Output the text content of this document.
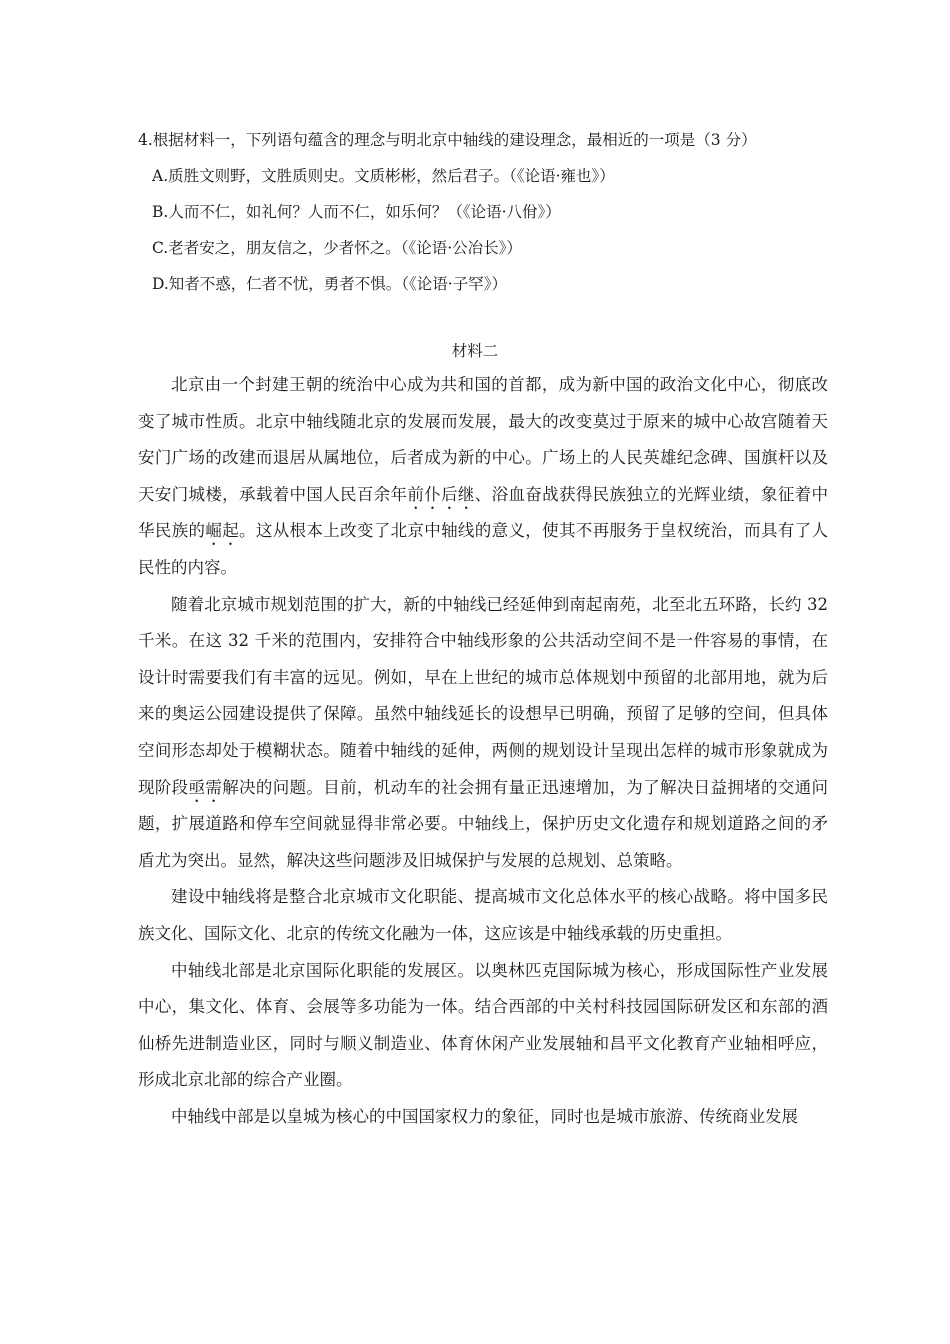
4.根据材料一，下列语句蕴含的理念与明北京中轴线的建设理念，最相近的一项是（3 分）
A.质胜文则野，文胜质则史。文质彬彬，然后君子。（《论语·雍也》）
B.人而不仁，如礼何？人而不仁，如乐何？（《论语·八佾》）
C.老者安之，朋友信之，少者怀之。（《论语·公冶长》）
D.知者不惑，仁者不忧，勇者不惧。（《论语·子罕》）
材料二

北京由一个封建王朝的统治中心成为共和国的首都，成为新中国的政治文化中心，彻底改变了城市性质。北京中轴线随北京的发展而发展，最大的改变莫过于原来的城中心故宫随着天安门广场的改建而退居从属地位，后者成为新的中心。广场上的人民英雄纪念碑、国旗杆以及天安门城楼，承载着中国人民百余年前仆后继、浴血奋战获得民族独立的光辉业绩，象征着中华民族的崛起。这从根本上改变了北京中轴线的意义，使其不再服务于皇权统治，而具有了人民性的内容。

随着北京城市规划范围的扩大，新的中轴线已经延伸到南起南苑，北至北五环路，长约 32 千米。在这 32 千米的范围内，安排符合中轴线形象的公共活动空间不是一件容易的事情，在设计时需要我们有丰富的远见。例如，早在上世纪的城市总体规划中预留的北部用地，就为后来的奥运公园建设提供了保障。虽然中轴线延长的设想早已明确，预留了足够的空间，但具体空间形态却处于模糊状态。随着中轴线的延伸，两侧的规划设计呈现出怎样的城市形象就成为现阶段亟需解决的问题。目前，机动车的社会拥有量正迅速增加，为了解决日益拥堵的交通问题，扩展道路和停车空间就显得非常必要。中轴线上，保护历史文化遗存和规划道路之间的矛盾尤为突出。显然，解决这些问题涉及旧城保护与发展的总规划、总策略。

建设中轴线将是整合北京城市文化职能、提高城市文化总体水平的核心战略。将中国多民族文化、国际文化、北京的传统文化融为一体，这应该是中轴线承载的历史重担。

中轴线北部是北京国际化职能的发展区。以奥林匹克国际城为核心，形成国际性产业发展中心，集文化、体育、会展等多功能为一体。结合西部的中关村科技园国际研发区和东部的酒仙桥先进制造业区，同时与顺义制造业、体育休闲产业发展轴和昌平文化教育产业轴相呼应，形成北京北部的综合产业圈。

中轴线中部是以皇城为核心的中国国家权力的象征，同时也是城市旅游、传统商业发展
